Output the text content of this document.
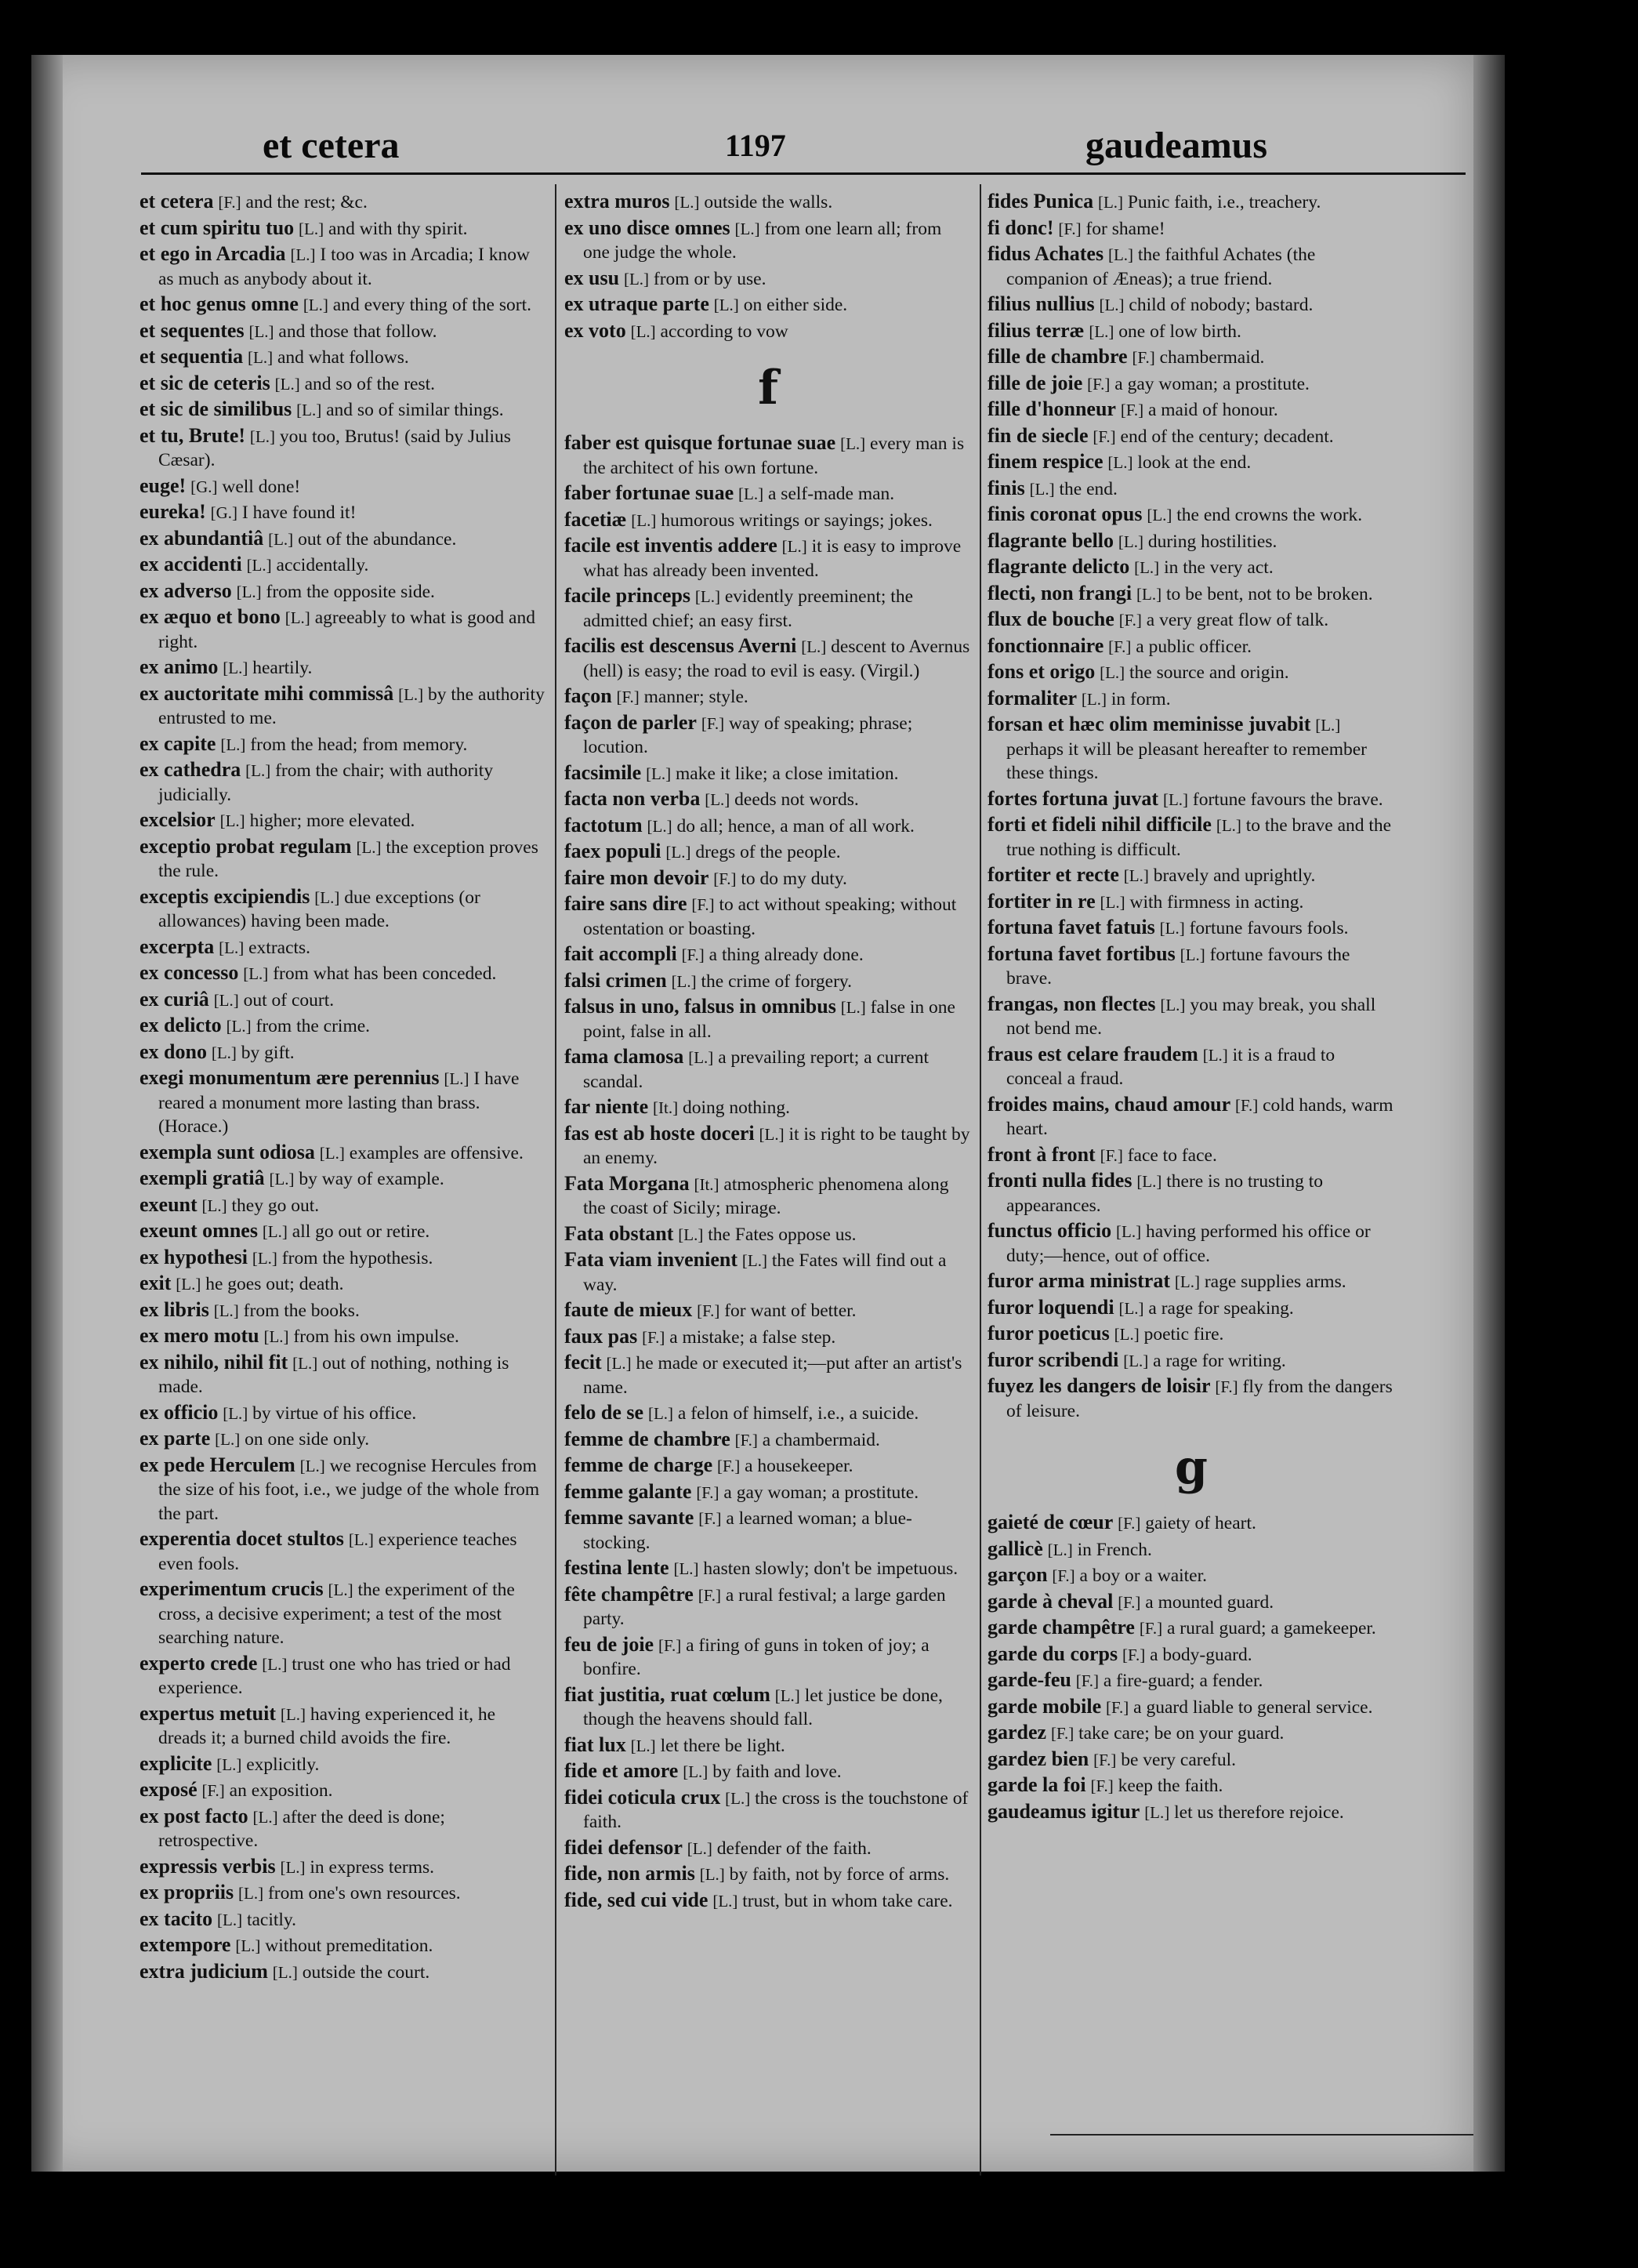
et cetera	1197	gaudeamus
et cetera [F.] and the rest; &c.
et cum spiritu tuo [L.] and with thy spirit.
et ego in Arcadia [L.] I too was in Arcadia; I know as much as anybody about it.
et hoc genus omne [L.] and every thing of the sort.
et sequentes [L.] and those that follow.
et sequentia [L.] and what follows.
et sic de ceteris [L.] and so of the rest.
et sic de similibus [L.] and so of similar things.
et tu, Brute! [L.] you too, Brutus! (said by Julius Cæsar).
euge! [G.] well done!
eureka! [G.] I have found it!
ex abundantiâ [L.] out of the abundance.
ex accidenti [L.] accidentally.
ex adverso [L.] from the opposite side.
ex æquo et bono [L.] agreeably to what is good and right.
ex animo [L.] heartily.
ex auctoritate mihi commissâ [L.] by the authority entrusted to me.
ex capite [L.] from the head; from memory.
ex cathedra [L.] from the chair; with authority judicially.
excelsior [L.] higher; more elevated.
exceptio probat regulam [L.] the exception proves the rule.
exceptis excipiendis [L.] due exceptions (or allowances) having been made.
excerpta [L.] extracts.
ex concesso [L.] from what has been conceded.
ex curiâ [L.] out of court.
ex delicto [L.] from the crime.
ex dono [L.] by gift.
exegi monumentum ære perennius [L.] I have reared a monument more lasting than brass. (Horace.)
exempla sunt odiosa [L.] examples are offensive.
exempli gratiâ [L.] by way of example.
exeunt [L.] they go out.
exeunt omnes [L.] all go out or retire.
ex hypothesi [L.] from the hypothesis.
exit [L.] he goes out; death.
ex libris [L.] from the books.
ex mero motu [L.] from his own impulse.
ex nihilo, nihil fit [L.] out of nothing, nothing is made.
ex officio [L.] by virtue of his office.
ex parte [L.] on one side only.
ex pede Herculem [L.] we recognise Hercules from the size of his foot, i.e., we judge of the whole from the part.
experentia docet stultos [L.] experience teaches even fools.
experimentum crucis [L.] the experiment of the cross, a decisive experiment; a test of the most searching nature.
experto crede [L.] trust one who has tried or had experience.
expertus metuit [L.] having experienced it, he dreads it; a burned child avoids the fire.
explicite [L.] explicitly.
exposé [F.] an exposition.
ex post facto [L.] after the deed is done; retrospective.
expressis verbis [L.] in express terms.
ex propriis [L.] from one's own resources.
ex tacito [L.] tacitly.
extempore [L.] without premeditation.
extra judicium [L.] outside the court.
extra muros [L.] outside the walls.
ex uno disce omnes [L.] from one learn all; from one judge the whole.
ex usu [L.] from or by use.
ex utraque parte [L.] on either side.
ex voto [L.] according to vow
f
faber est quisque fortunae suae [L.] every man is the architect of his own fortune.
faber fortunae suae [L.] a self-made man.
facetiæ [L.] humorous writings or sayings; jokes.
facile est inventis addere [L.] it is easy to improve what has already been invented.
facile princeps [L.] evidently preeminent; the admitted chief; an easy first.
facilis est descensus Averni [L.] descent to Avernus (hell) is easy; the road to evil is easy. (Virgil.)
façon [F.] manner; style.
façon de parler [F.] way of speaking; phrase; locution.
facsimile [L.] make it like; a close imitation.
facta non verba [L.] deeds not words.
factotum [L.] do all; hence, a man of all work.
faex populi [L.] dregs of the people.
faire mon devoir [F.] to do my duty.
faire sans dire [F.] to act without speaking; without ostentation or boasting.
fait accompli [F.] a thing already done.
falsi crimen [L.] the crime of forgery.
falsus in uno, falsus in omnibus [L.] false in one point, false in all.
fama clamosa [L.] a prevailing report; a current scandal.
far niente [It.] doing nothing.
fas est ab hoste doceri [L.] it is right to be taught by an enemy.
Fata Morgana [It.] atmospheric phenomena along the coast of Sicily; mirage.
Fata obstant [L.] the Fates oppose us.
Fata viam invenient [L.] the Fates will find out a way.
faute de mieux [F.] for want of better.
faux pas [F.] a mistake; a false step.
fecit [L.] he made or executed it;—put after an artist's name.
felo de se [L.] a felon of himself, i.e., a suicide.
femme de chambre [F.] a chambermaid.
femme de charge [F.] a housekeeper.
femme galante [F.] a gay woman; a prostitute.
femme savante [F.] a learned woman; a blue-stocking.
festina lente [L.] hasten slowly; don't be impetuous.
fête champêtre [F.] a rural festival; a large garden party.
feu de joie [F.] a firing of guns in token of joy; a bonfire.
fiat justitia, ruat cœlum [L.] let justice be done, though the heavens should fall.
fiat lux [L.] let there be light.
fide et amore [L.] by faith and love.
fidei coticula crux [L.] the cross is the touchstone of faith.
fidei defensor [L.] defender of the faith.
fide, non armis [L.] by faith, not by force of arms.
fide, sed cui vide [L.] trust, but in whom take care.
fides Punica [L.] Punic faith, i.e., treachery.
fi donc! [F.] for shame!
fidus Achates [L.] the faithful Achates (the companion of Æneas); a true friend.
filius nullius [L.] child of nobody; bastard.
filius terræ [L.] one of low birth.
fille de chambre [F.] chambermaid.
fille de joie [F.] a gay woman; a prostitute.
fille d'honneur [F.] a maid of honour.
fin de siecle [F.] end of the century; decadent.
finem respice [L.] look at the end.
finis [L.] the end.
finis coronat opus [L.] the end crowns the work.
flagrante bello [L.] during hostilities.
flagrante delicto [L.] in the very act.
flecti, non frangi [L.] to be bent, not to be broken.
flux de bouche [F.] a very great flow of talk.
fonctionnaire [F.] a public officer.
fons et origo [L.] the source and origin.
formaliter [L.] in form.
forsan et hæc olim meminisse juvabit [L.] perhaps it will be pleasant hereafter to remember these things.
fortes fortuna juvat [L.] fortune favours the brave.
forti et fideli nihil difficile [L.] to the brave and the true nothing is difficult.
fortiter et recte [L.] bravely and uprightly.
fortiter in re [L.] with firmness in acting.
fortuna favet fatuis [L.] fortune favours fools.
fortuna favet fortibus [L.] fortune favours the brave.
frangas, non flectes [L.] you may break, you shall not bend me.
fraus est celare fraudem [L.] it is a fraud to conceal a fraud.
froides mains, chaud amour [F.] cold hands, warm heart.
front à front [F.] face to face.
fronti nulla fides [L.] there is no trusting to appearances.
functus officio [L.] having performed his office or duty;—hence, out of office.
furor arma ministrat [L.] rage supplies arms.
furor loquendi [L.] a rage for speaking.
furor poeticus [L.] poetic fire.
furor scribendi [L.] a rage for writing.
fuyez les dangers de loisir [F.] fly from the dangers of leisure.
g
gaieté de cœur [F.] gaiety of heart.
gallicè [L.] in French.
garçon [F.] a boy or a waiter.
garde à cheval [F.] a mounted guard.
garde champêtre [F.] a rural guard; a gamekeeper.
garde du corps [F.] a body-guard.
garde-feu [F.] a fire-guard; a fender.
garde mobile [F.] a guard liable to general service.
gardez [F.] take care; be on your guard.
gardez bien [F.] be very careful.
garde la foi [F.] keep the faith.
gaudeamus igitur [L.] let us therefore rejoice.
